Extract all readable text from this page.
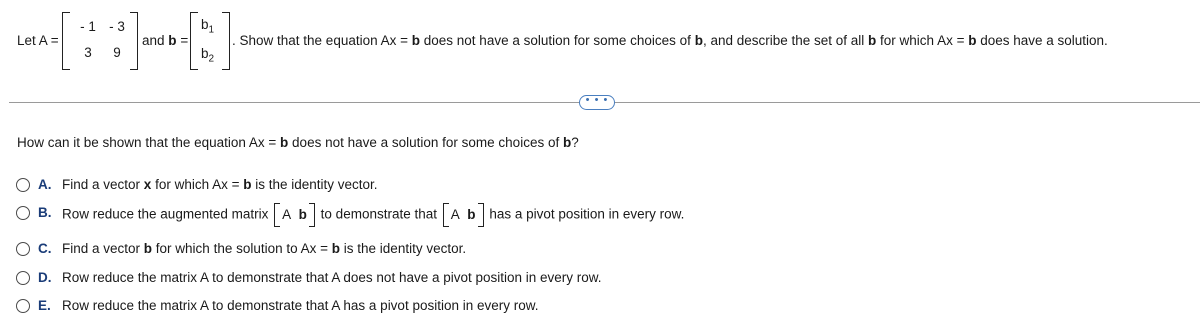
Let A =
- 1 - 3
3	9
and b =
$b_1$
$b_2$
. Show that the equation Ax = b does not have a solution for some choices of b, and describe the set of all b for which Ax = b does have a solution.
• • •
How can it be shown that the equation Ax = b does not have a solution for some choices of b?
A. Find a vector x for which Ax = b is the identity vector.
B. Row reduce the augmented matrix A b to demonstrate that A b has a pivot position in every row.
C. Find a vector b for which the solution to Ax = b is the identity vector.
D. Row reduce the matrix A to demonstrate that A does not have a pivot position in every row.
E. Row reduce the matrix A to demonstrate that A has a pivot position in every row.
